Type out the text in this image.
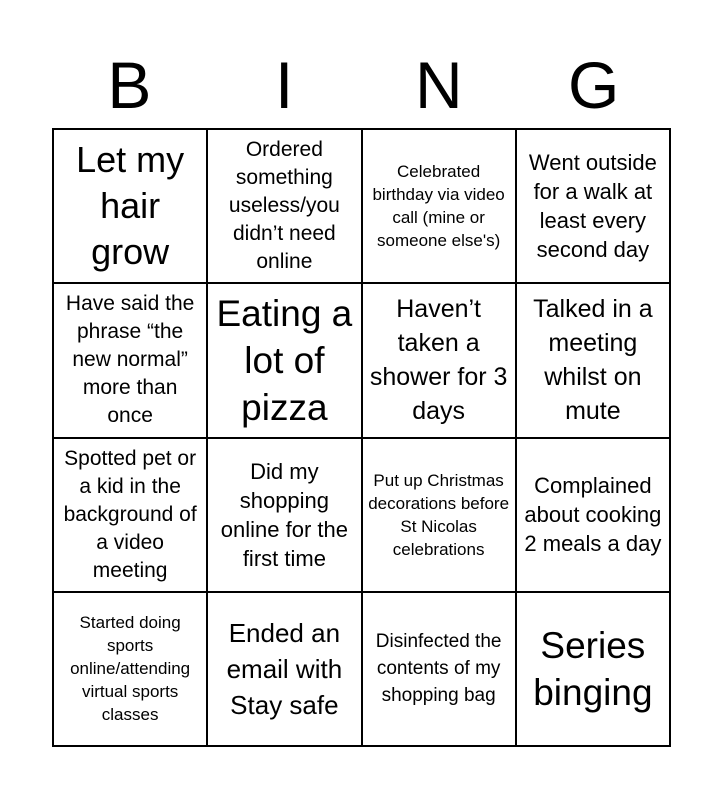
B	I	N	G
Let my hair grow
Ordered something useless/you didn’t need online
Celebrated birthday via video call (mine or someone else's)
Went outside for a walk at least every second day
Have said the phrase “the new normal” more than once
Eating a lot of pizza
Haven’t taken a shower for 3 days
Talked in a meeting whilst on mute
Spotted pet or a kid in the background of a video meeting
Did my shopping online for the first time
Put up Christmas decorations before St Nicolas celebrations
Complained about cooking 2 meals a day
Started doing sports online/attending virtual sports classes
Ended an email with Stay safe
Disinfected the contents of my shopping bag
Series binging
